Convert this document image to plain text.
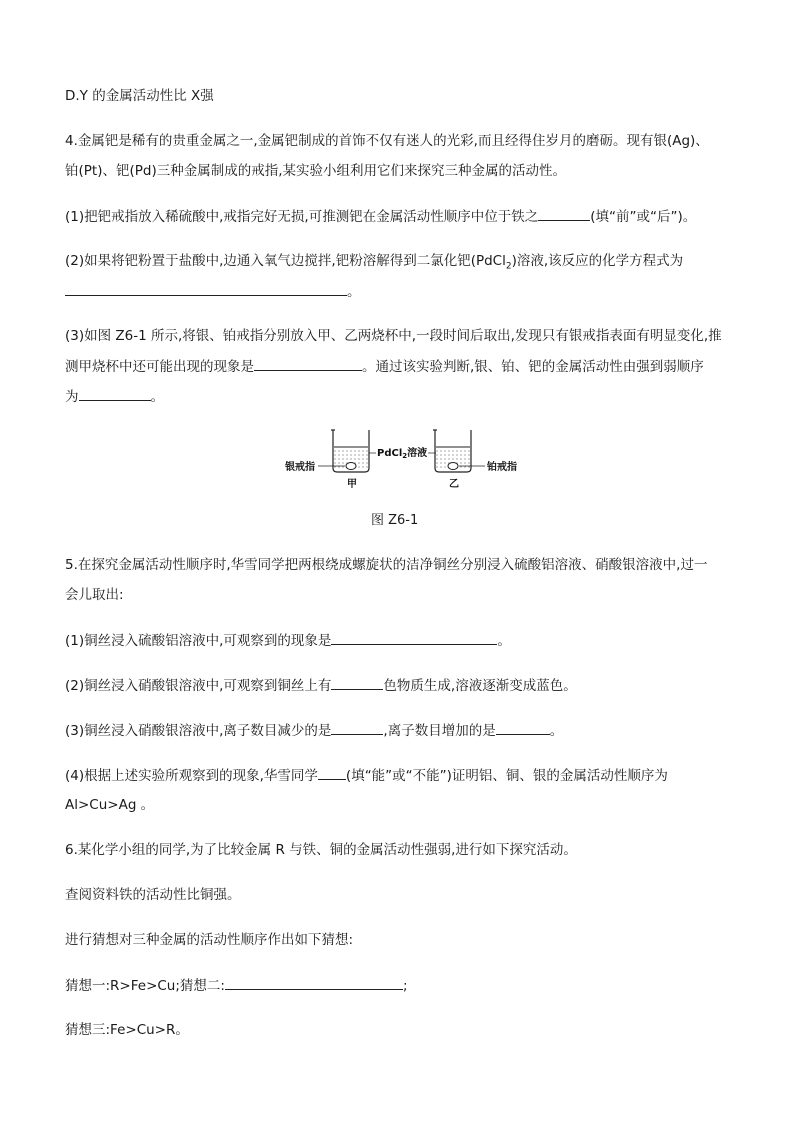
D.Y 的金属活动性比 X强
4.金属钯是稀有的贵重金属之一,金属钯制成的首饰不仅有迷人的光彩,而且经得住岁月的磨砺。现有银(Ag)、
铂(Pt)、钯(Pd)三种金属制成的戒指,某实验小组利用它们来探究三种金属的活动性。
(1)把钯戒指放入稀硫酸中,戒指完好无损,可推测钯在金属活动性顺序中位于铁之	(填“前”或“后”)。
(2)如果将钯粉置于盐酸中,边通入氧气边搅拌,钯粉溶解得到二氯化钯(PdCl$_2$)溶液,该反应的化学方程式为
。
(3)如图 Z6-1 所示,将银、铂戒指分别放入甲、乙两烧杯中,一段时间后取出,发现只有银戒指表面有明显变化,推
测甲烧杯中还可能出现的现象是	。通过该实验判断,银、铂、钯的金属活动性由强到弱顺序
为	。
银戒指
PdCl$_2$溶液
铂戒指
甲	乙
图 Z6-1
5.在探究金属活动性顺序时,华雪同学把两根绕成螺旋状的洁净铜丝分别浸入硫酸铝溶液、硝酸银溶液中,过一
会儿取出:
(1)铜丝浸入硫酸铝溶液中,可观察到的现象是	。
(2)铜丝浸入硝酸银溶液中,可观察到铜丝上有	色物质生成,溶液逐渐变成蓝色。
(3)铜丝浸入硝酸银溶液中,离子数目减少的是	,离子数目增加的是	。
(4)根据上述实验所观察到的现象,华雪同学 (填“能”或“不能”)证明铝、铜、银的金属活动性顺序为
Al>Cu>Ag 。
6.某化学小组的同学,为了比较金属 R 与铁、铜的金属活动性强弱,进行如下探究活动。
查阅资料铁的活动性比铜强。
进行猜想对三种金属的活动性顺序作出如下猜想:
猜想一:R>Fe>Cu;猜想二:	;
猜想三:Fe>Cu>R。
